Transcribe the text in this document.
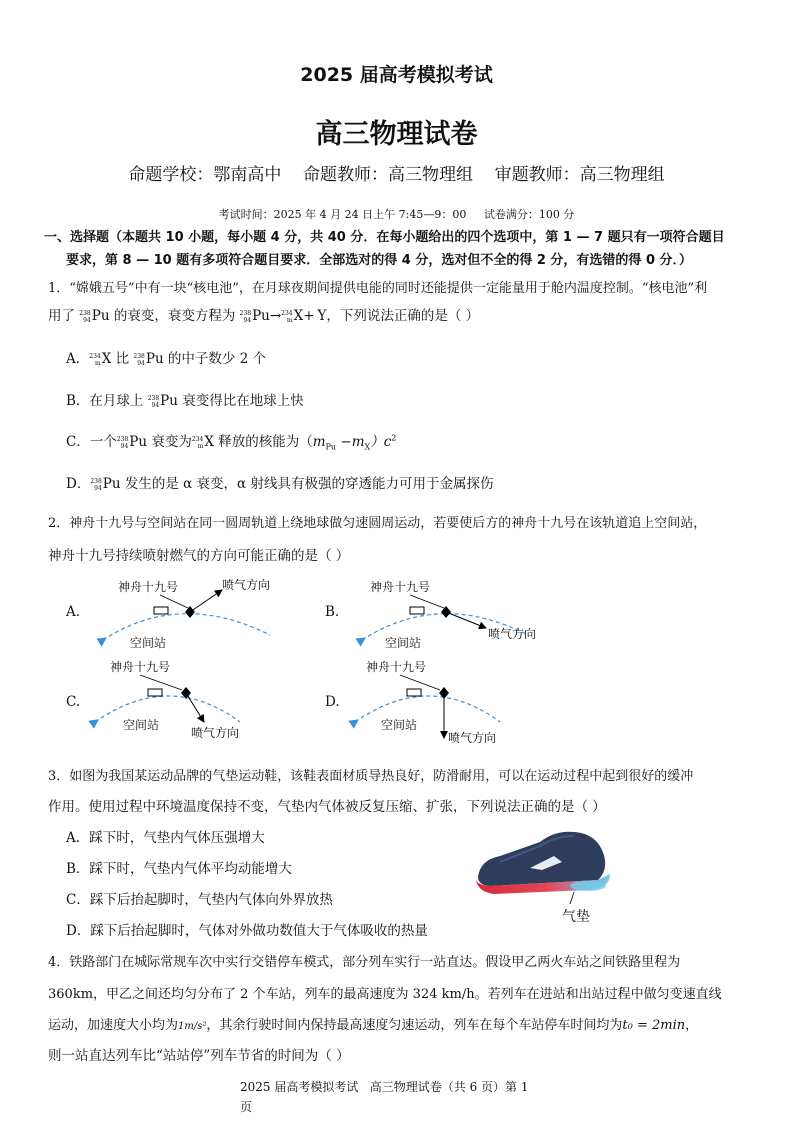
2025 届高考模拟考试
高三物理试卷
命题学校：鄂南高中    命题教师：高三物理组    审题教师：高三物理组
考试时间：2025 年 4 月 24 日上午 7:45—9：00     试卷满分：100 分
一、选择题（本题共 10 小题，每小题 4 分，共 40 分．在每小题给出的四个选项中，第 1 — 7 题只有一项符合题目
要求，第 8 — 10 题有多项符合题目要求．全部选对的得 4 分，选对但不全的得 2 分，有选错的得 0 分．）
1．“嫦娥五号”中有一块“核电池”，在月球夜期间提供电能的同时还能提供一定能量用于舱内温度控制。“核电池”利
用了 238
94Pu 的衰变，衰变方程为 238
94Pu→234
mX+ Y，下列说法正确的是（ ）
A．234
mX 比 238
94Pu 的中子数少 2 个
B．在月球上 238
94Pu 衰变得比在地球上快
C．一个238
94Pu 衰变为234
mX 释放的核能为$(m_{Pu} -m_X)c^2$
D．238
94Pu 发生的是 α 衰变，α 射线具有极强的穿透能力可用于金属探伤
2．神舟十九号与空间站在同一圆周轨道上绕地球做匀速圆周运动，若要使后方的神舟十九号在该轨道追上空间站，
神舟十九号持续喷射燃气的方向可能正确的是（ ）
A.	B.
C.	D.
神舟十九号	喷气方向
空间站
神舟十九号
喷气方向
空间站
神舟十九号
空间站
喷气方向
神舟十九号
空间站
喷气方向
3．如图为我国某运动品牌的气垫运动鞋，该鞋表面材质导热良好，防滑耐用，可以在运动过程中起到很好的缓冲
作用。使用过程中环境温度保持不变，气垫内气体被反复压缩、扩张，下列说法正确的是（ ）
A．踩下时，气垫内气体压强增大
B．踩下时，气垫内气体平均动能增大
C．踩下后抬起脚时，气垫内气体向外界放热
D．踩下后抬起脚时，气体对外做功数值大于气体吸收的热量
气垫
4．铁路部门在城际常规车次中实行交错停车模式，部分列车实行一站直达。假设甲乙两火车站之间铁路里程为
360km，甲乙之间还均匀分布了 2 个车站，列车的最高速度为 324 km/h。若列车在进站和出站过程中做匀变速直线
运动，加速度大小均为1m/s²，其余行驶时间内保持最高速度匀速运动，列车在每个车站停车时间均为t₀ = 2min，
则一站直达列车比“站站停”列车节省的时间为（ ）
2025 届高考模拟考试   高三物理试卷（共 6 页）第 1
页
